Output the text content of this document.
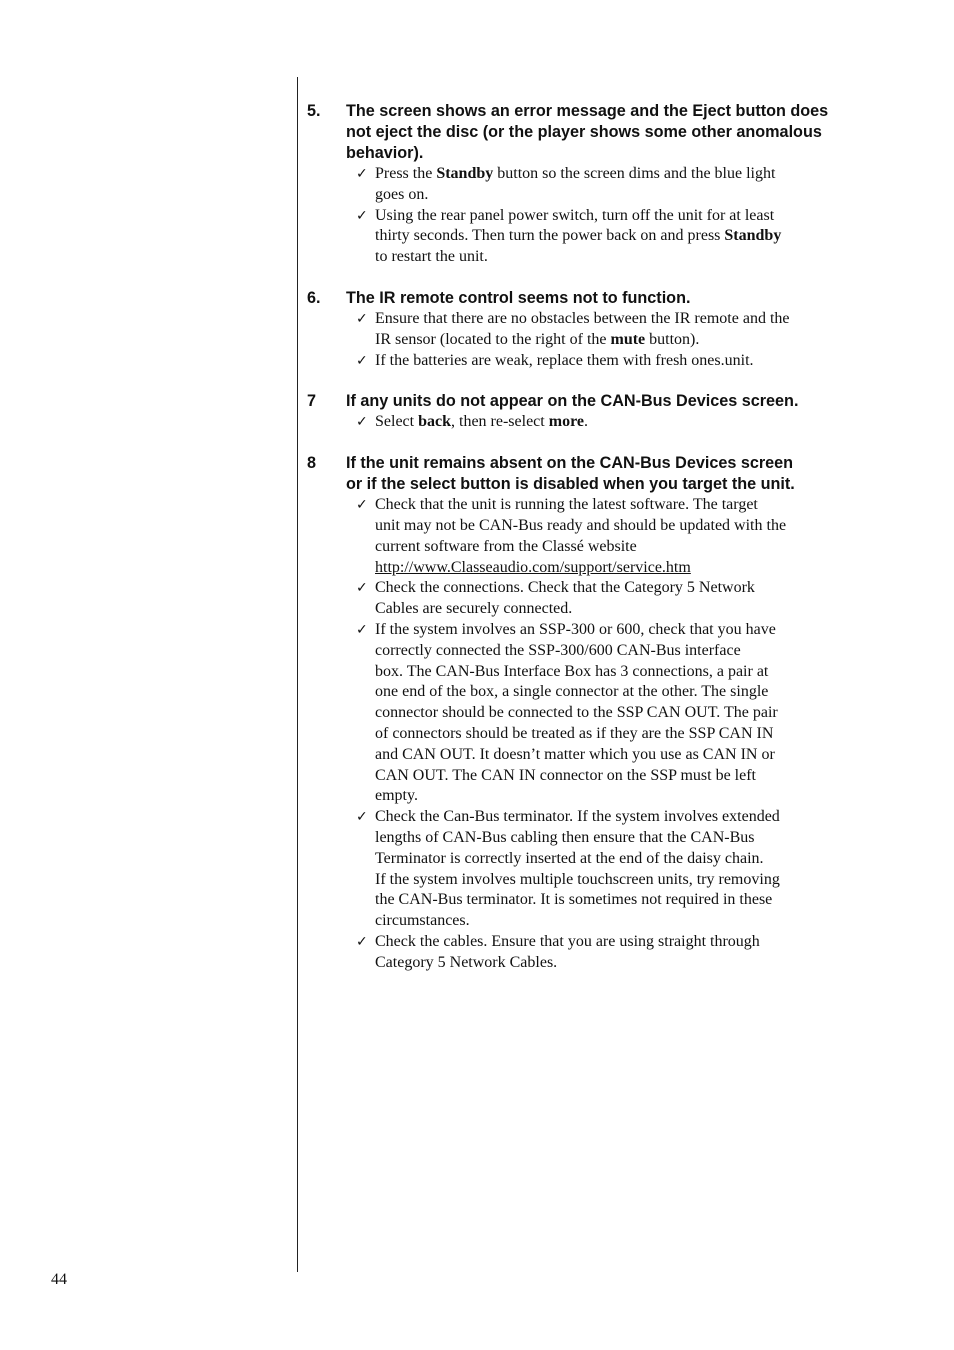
5.	The screen shows an error message and the Eject button does
not eject the disc (or the player shows some other anomalous
behavior).
✓ Press the Standby button so the screen dims and the blue light
goes on.
✓ Using the rear panel power switch, turn off the unit for at least
thirty seconds. Then turn the power back on and press Standby
to restart the unit.
6.	The IR remote control seems not to function.
✓ Ensure that there are no obstacles between the IR remote and the
IR sensor (located to the right of the mute button).
✓ If the batteries are weak, replace them with fresh ones.unit.
7	If any units do not appear on the CAN-Bus Devices screen.
✓ Select back, then re-select more.
8	If the unit remains absent on the CAN-Bus Devices screen
or if the select button is disabled when you target the unit.
✓ Check that the unit is running the latest software. The target
unit may not be CAN-Bus ready and should be updated with the
current software from the Classé website
http://www.Classeaudio.com/support/service.htm
✓ Check the connections. Check that the Category 5 Network
Cables are securely connected.
✓ If the system involves an SSP-300 or 600, check that you have
correctly connected the SSP-300/600 CAN-Bus interface
box. The CAN-Bus Interface Box has 3 connections, a pair at
one end of the box, a single connector at the other. The single
connector should be connected to the SSP CAN OUT. The pair
of connectors should be treated as if they are the SSP CAN IN
and CAN OUT. It doesn’t matter which you use as CAN IN or
CAN OUT. The CAN IN connector on the SSP must be left
empty.
✓ Check the Can-Bus terminator. If the system involves extended
lengths of CAN-Bus cabling then ensure that the CAN-Bus
Terminator is correctly inserted at the end of the daisy chain.
If the system involves multiple touchscreen units, try removing
the CAN-Bus terminator. It is sometimes not required in these
circumstances.
✓ Check the cables. Ensure that you are using straight through
Category 5 Network Cables.
44
